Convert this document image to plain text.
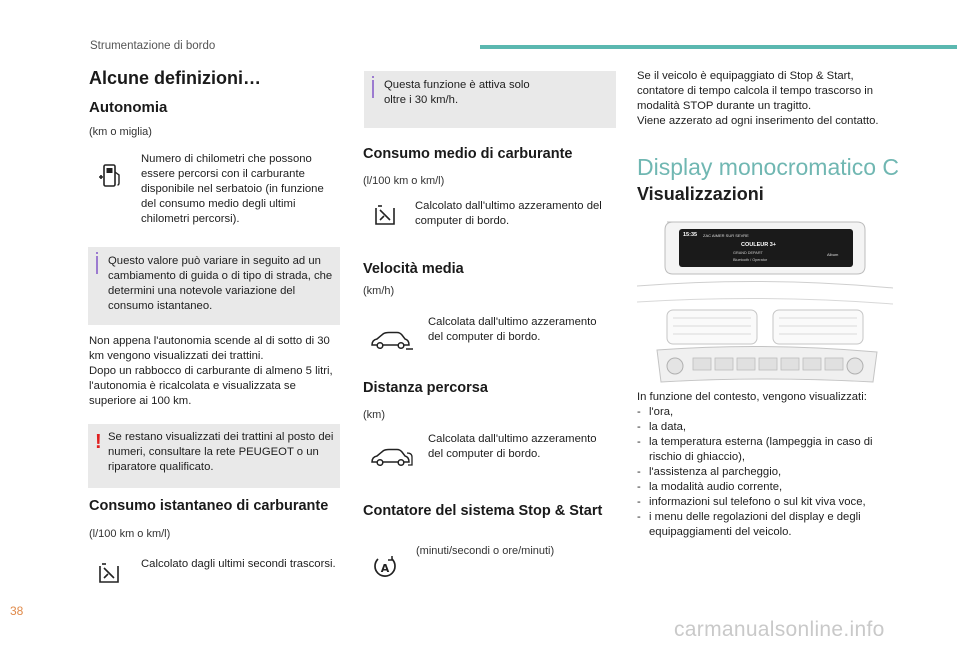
Strumentazione di bordo
Alcune definizioni…
Autonomia
(km o miglia)
Numero di chilometri che possono essere percorsi con il carburante disponibile nel serbatoio (in funzione del consumo medio degli ultimi chilometri percorsi).
Questo valore può variare in seguito ad un cambiamento di guida o di tipo di strada, che determini una notevole variazione del consumo istantaneo.
Non appena l'autonomia scende al di sotto di 30 km vengono visualizzati dei trattini.
Dopo un rabbocco di carburante di almeno 5 litri, l'autonomia è ricalcolata e visualizzata se superiore ai 100 km.
! Se restano visualizzati dei trattini al posto dei numeri, consultare la rete PEUGEOT o un riparatore qualificato.
Consumo istantaneo di carburante
(l/100 km o km/l)
Calcolato dagli ultimi secondi trascorsi.
Questa funzione è attiva solo oltre i 30 km/h.
Consumo medio di carburante
(l/100 km o km/l)
Calcolato dall'ultimo azzeramento del computer di bordo.
Velocità media
(km/h)
Calcolata dall'ultimo azzeramento del computer di bordo.
Distanza percorsa
(km)
Calcolata dall'ultimo azzeramento del computer di bordo.
Contatore del sistema Stop & Start
A
(minuti/secondi o ore/minuti)
Se il veicolo è equipaggiato di Stop & Start, contatore di tempo calcola il tempo trascorso in modalità STOP durante un tragitto.
Viene azzerato ad ogni inserimento del contatto.
Display monocromatico C
Visualizzazioni
15:35 ZAC AIMER SUR SEVRE
COULEUR 3+
GRAND DEPART
Bluetooth / Operator
Album
In funzione del contesto, vengono visualizzati:
- l'ora,
- la data,
- la temperatura esterna (lampeggia in caso di rischio di ghiaccio),
- l'assistenza al parcheggio,
- la modalità audio corrente,
- informazioni sul telefono o sul kit viva voce,
- i menu delle regolazioni del display e degli equipaggiamenti del veicolo.
38
carmanualsonline.info
